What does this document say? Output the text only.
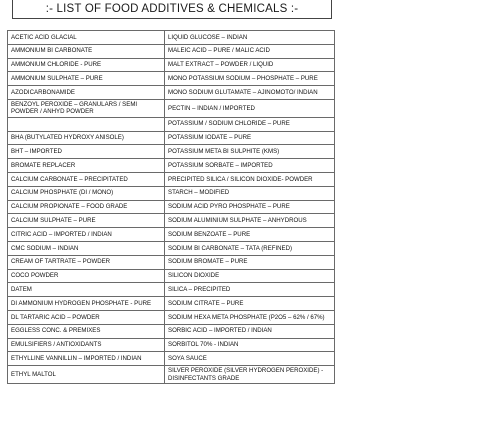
:- LIST OF FOOD ADDITIVES & CHEMICALS :-
ACETIC ACID GLACIAL	LIQUID GLUCOSE – INDIAN
AMMONIUM BI CARBONATE	MALEIC ACID – PURE / MALIC ACID
AMMONIUM CHLORIDE - PURE	MALT EXTRACT – POWDER / LIQUID
AMMONIUM SULPHATE – PURE	MONO POTASSIUM SODIUM – PHOSPHATE – PURE
AZODICARBONAMIDE	MONO SODIUM GLUTAMATE – AJINOMOTO/ INDIAN
BENZOYL PEROXIDE – GRANULARS / SEMI POWDER / ANHYD POWDER	PECTIN – INDIAN / IMPORTED
	POTASSIUM / SODIUM CHLORIDE – PURE
BHA (BUTYLATED HYDROXY ANISOLE)	POTASSIUM IODATE – PURE
BHT – IMPORTED	POTASSIUM META BI SULPHITE (KMS)
BROMATE REPLACER	POTASSIUM SORBATE – IMPORTED
CALCIUM CARBONATE – PRECIPITATED	PRECIPITED SILICA / SILICON DIOXIDE- POWDER
CALCIUM PHOSPHATE (DI / MONO)	STARCH – MODIFIED
CALCIUM PROPIONATE – FOOD GRADE	SODIUM ACID PYRO PHOSPHATE – PURE
CALCIUM SULPHATE – PURE	SODIUM ALUMINIUM SULPHATE – ANHYDROUS
CITRIC ACID – IMPORTED / INDIAN	SODIUM BENZOATE – PURE
CMC SODIUM – INDIAN	SODIUM BI CARBONATE – TATA (REFINED)
CREAM OF TARTRATE – POWDER	SODIUM BROMATE – PURE
COCO POWDER	SILICON DIOXIDE
DATEM	SILICA – PRECIPITED
DI AMMONIUM HYDROGEN PHOSPHATE - PURE	SODIUM CITRATE – PURE
DL TARTARIC ACID – POWDER	SODIUM HEXA META PHOSPHATE (P2O5 – 62% / 67%)
EGGLESS CONC. & PREMIXES	SORBIC ACID – IMPORTED / INDIAN
EMULSIFIERS / ANTIOXIDANTS	SORBITOL 70% - INDIAN
ETHYLLINE VANNILLIN – IMPORTED / INDIAN	SOYA SAUCE
ETHYL MALTOL	SILVER PEROXIDE (SILVER HYDROGEN PEROXIDE) - DISINFECTANTS GRADE
